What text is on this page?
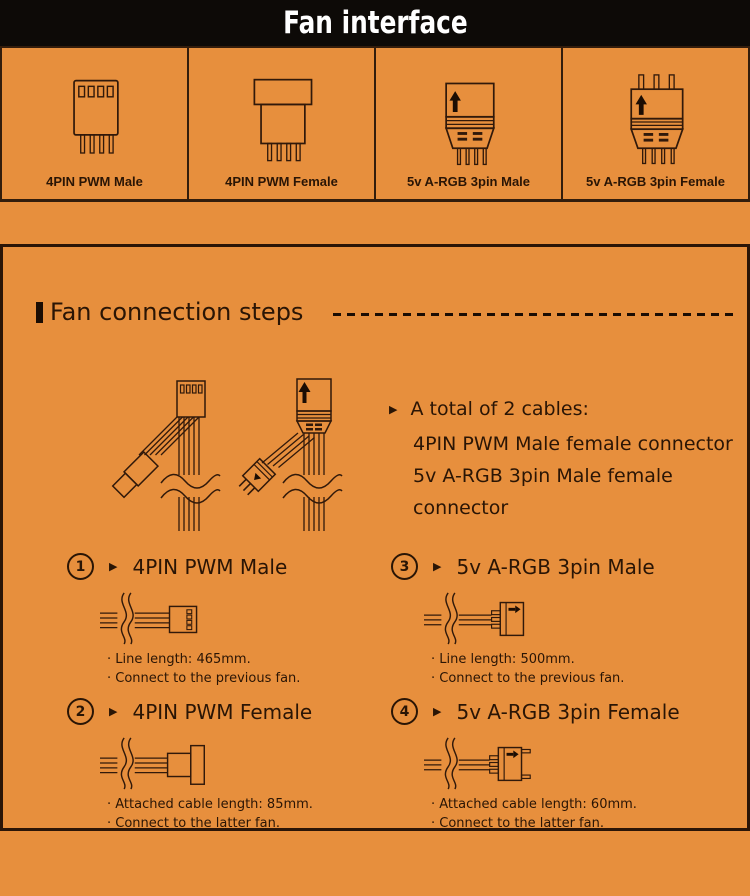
Fan interface
4PIN PWM Male	4PIN PWM Female	5v A-RGB 3pin Male	5v A-RGB 3pin Female
Fan connection steps
▶ A total of 2 cables:
4PIN PWM Male female connector
5v A-RGB 3pin Male female connector
1	▶ 4PIN PWM Male
· Line length: 465mm.
· Connect to the previous fan.
3	▶ 5v A-RGB 3pin Male
· Line length: 500mm.
· Connect to the previous fan.
2	▶ 4PIN PWM Female
· Attached cable length: 85mm.
· Connect to the latter fan.
4	▶ 5v A-RGB 3pin Female
· Attached cable length: 60mm.
· Connect to the latter fan.
